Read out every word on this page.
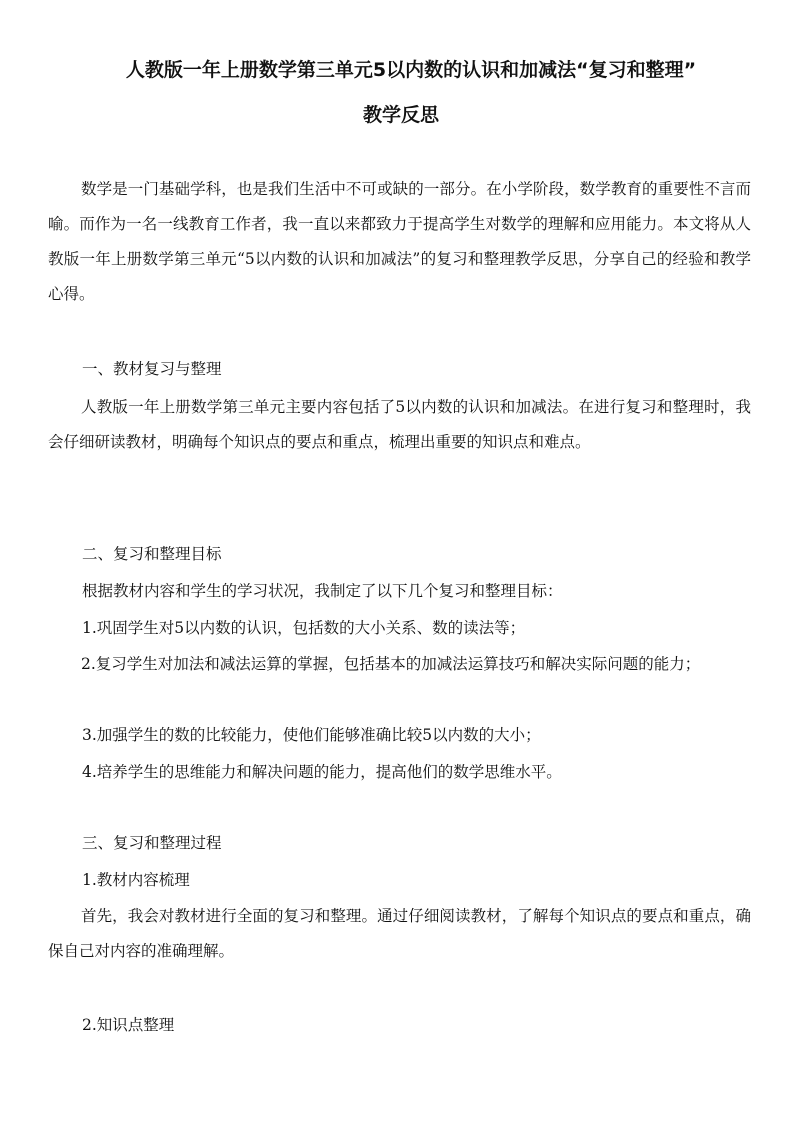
人教版一年上册数学第三单元5以内数的认识和加减法“复习和整理”
教学反思

数学是一门基础学科，也是我们生活中不可或缺的一部分。在小学阶段，数学教育的重要性不言而喻。而作为一名一线教育工作者，我一直以来都致力于提高学生对数学的理解和应用能力。本文将从人教版一年上册数学第三单元“5以内数的认识和加减法”的复习和整理教学反思，分享自己的经验和教学心得。

一、教材复习与整理

人教版一年上册数学第三单元主要内容包括了5以内数的认识和加减法。在进行复习和整理时，我会仔细研读教材，明确每个知识点的要点和重点，梳理出重要的知识点和难点。

二、复习和整理目标
根据教材内容和学生的学习状况，我制定了以下几个复习和整理目标：
1.巩固学生对5以内数的认识，包括数的大小关系、数的读法等；

2.复习学生对加法和减法运算的掌握，包括基本的加减法运算技巧和解决实际问题的能力；

3.加强学生的数的比较能力，使他们能够准确比较5以内数的大小；
4.培养学生的思维能力和解决问题的能力，提高他们的数学思维水平。
三、复习和整理过程
1.教材内容梳理

首先，我会对教材进行全面的复习和整理。通过仔细阅读教材，了解每个知识点的要点和重点，确保自己对内容的准确理解。

2.知识点整理
